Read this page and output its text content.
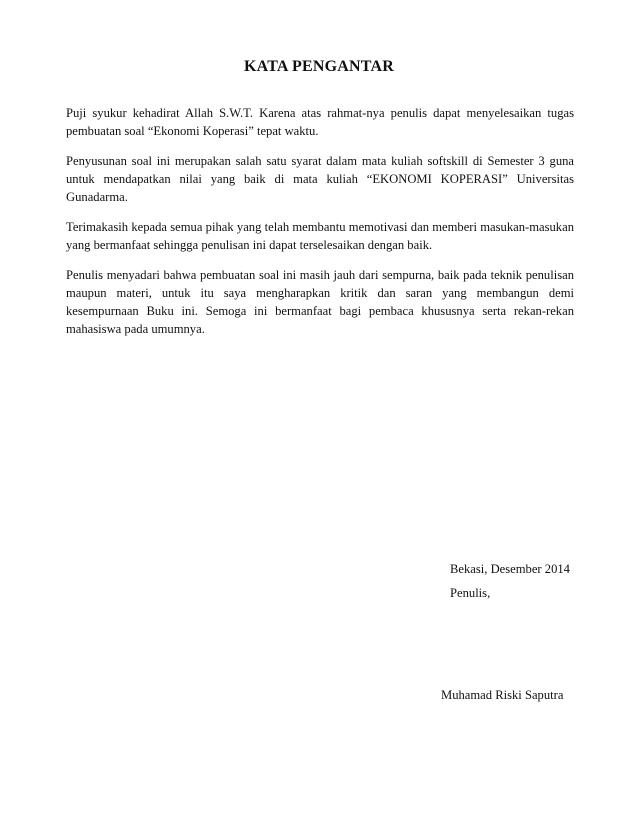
KATA PENGANTAR

Puji syukur kehadirat Allah S.W.T. Karena atas rahmat-nya penulis dapat menyelesaikan tugas pembuatan soal “Ekonomi Koperasi” tepat waktu.

Penyusunan soal ini merupakan salah satu syarat dalam mata kuliah softskill di Semester 3 guna untuk mendapatkan nilai yang baik di mata kuliah “EKONOMI KOPERASI” Universitas Gunadarma.

Terimakasih kepada semua pihak yang telah membantu memotivasi dan memberi masukan-masukan yang bermanfaat sehingga penulisan ini dapat terselesaikan dengan baik.

Penulis menyadari bahwa pembuatan soal ini masih jauh dari sempurna, baik pada teknik penulisan maupun materi, untuk itu saya mengharapkan kritik dan saran yang membangun demi kesempurnaan Buku ini. Semoga ini bermanfaat bagi pembaca khususnya serta rekan-rekan mahasiswa pada umumnya.

Bekasi, Desember 2014
Penulis,
Muhamad Riski Saputra
